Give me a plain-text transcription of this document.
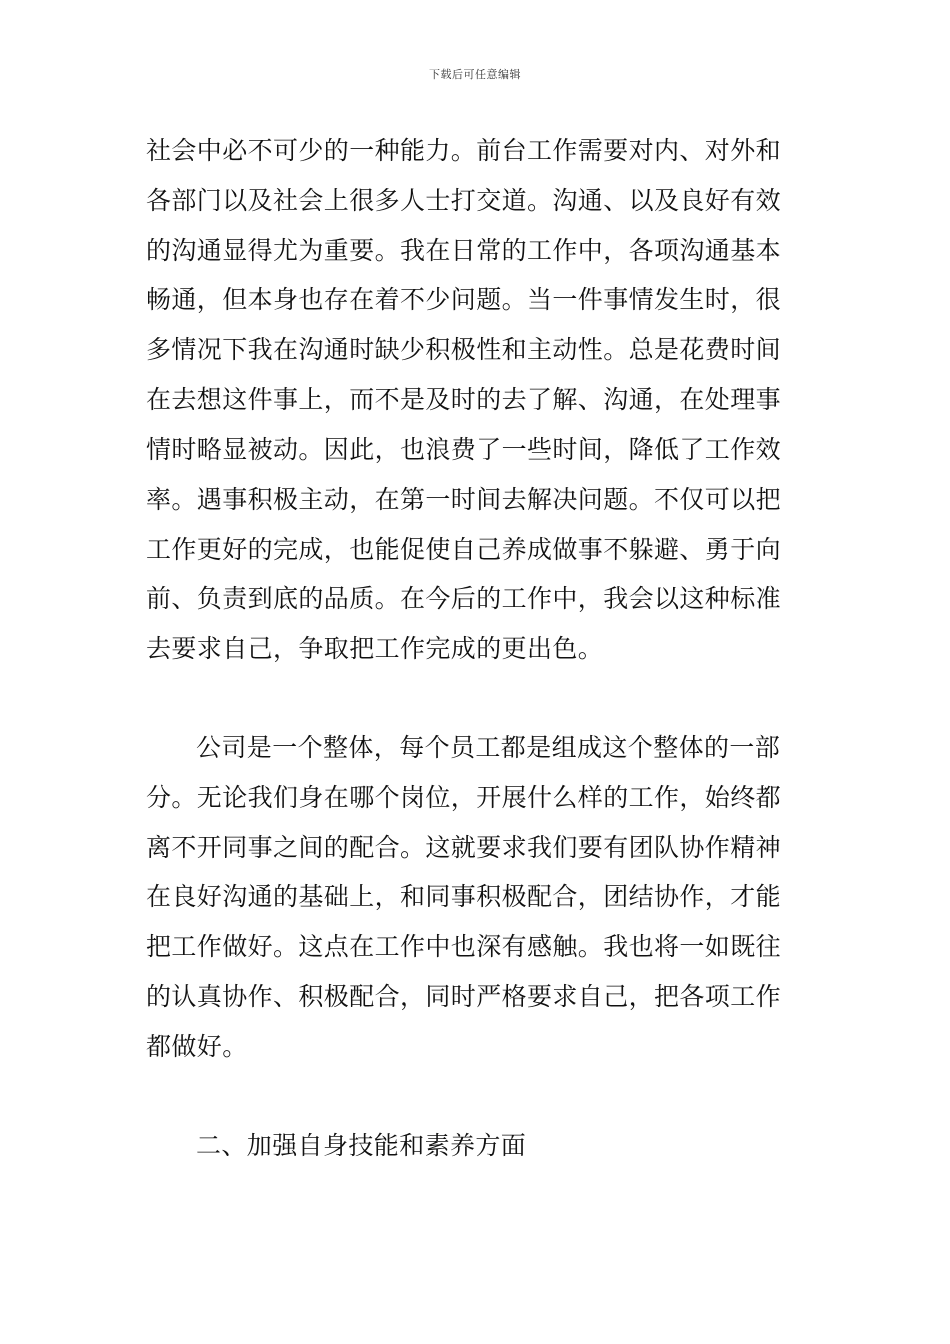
下载后可任意编辑
社会中必不可少的一种能力。前台工作需要对内、对外和
各部门以及社会上很多人士打交道。沟通、以及良好有效
的沟通显得尤为重要。我在日常的工作中，各项沟通基本
畅通，但本身也存在着不少问题。当一件事情发生时，很
多情况下我在沟通时缺少积极性和主动性。总是花费时间
在去想这件事上，而不是及时的去了解、沟通，在处理事
情时略显被动。因此，也浪费了一些时间，降低了工作效
率。遇事积极主动，在第一时间去解决问题。不仅可以把
工作更好的完成，也能促使自己养成做事不躲避、勇于向
前、负责到底的品质。在今后的工作中，我会以这种标准
去要求自己，争取把工作完成的更出色。
公司是一个整体，每个员工都是组成这个整体的一部
分。无论我们身在哪个岗位，开展什么样的工作，始终都
离不开同事之间的配合。这就要求我们要有团队协作精神
在良好沟通的基础上，和同事积极配合，团结协作，才能
把工作做好。这点在工作中也深有感触。我也将一如既往
的认真协作、积极配合，同时严格要求自己，把各项工作
都做好。
二、加强自身技能和素养方面
